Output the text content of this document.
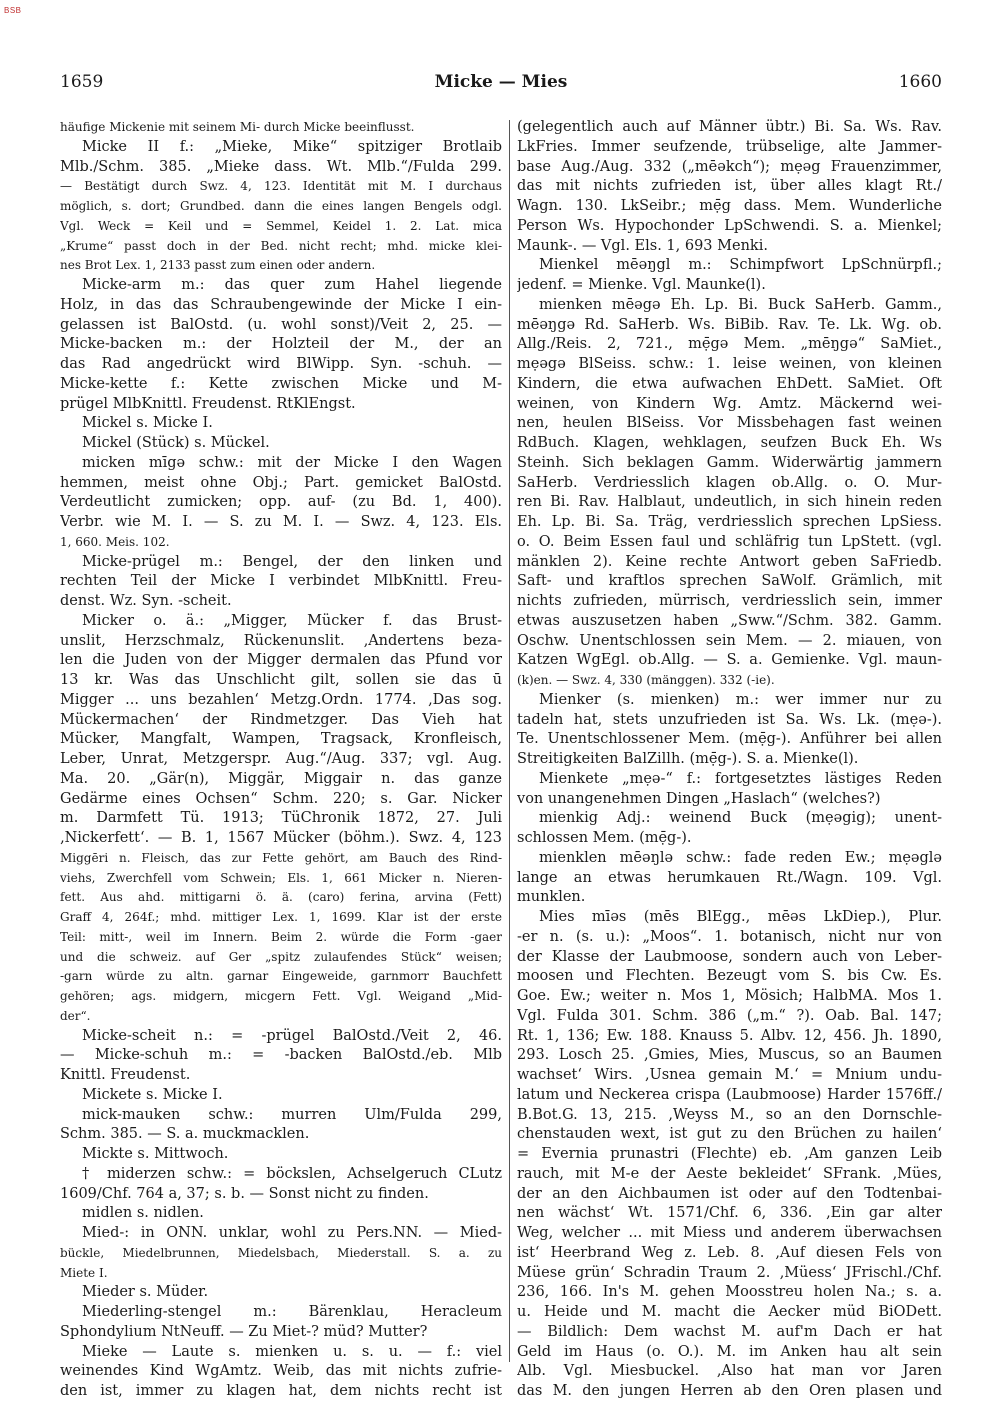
BSB
1659	Micke — Mies	1660
häufige Mickenie mit seinem Mi- durch Micke beeinflusst.
Micke II f.: „Mieke, Mike“ spitziger Brotlaib
Mlb./Schm. 385. „Mieke dass. Wt. Mlb.“/Fulda 299.
— Bestätigt durch Swz. 4, 123. Identität mit M. I durchaus
möglich, s. dort; Grundbed. dann die eines langen Bengels odgl.
Vgl. Weck = Keil und = Semmel, Keidel 1. 2. Lat. mica
„Krume“ passt doch in der Bed. nicht recht; mhd. micke klei-
nes Brot Lex. 1, 2133 passt zum einen oder andern.
Micke-arm m.: das quer zum Hahel liegende
Holz, in das das Schraubengewinde der Micke I ein-
gelassen ist BalOstd. (u. wohl sonst)/Veit 2, 25. —
Micke-backen m.: der Holzteil der M., der an
das Rad angedrückt wird BlWipp. Syn. -schuh. —
Micke-kette f.: Kette zwischen Micke und M-
prügel MlbKnittl. Freudenst. RtKlEngst.
Mickel s. Micke I.
Mickel (Stück) s. Mückel.
micken mīgə schw.: mit der Micke I den Wagen
hemmen, meist ohne Obj.; Part. gemicket BalOstd.
Verdeutlicht zumicken; opp. auf- (zu Bd. 1, 400).
Verbr. wie M. I. — S. zu M. I. — Swz. 4, 123. Els.
1, 660. Meis. 102.
Micke-prügel m.: Bengel, der den linken und
rechten Teil der Micke I verbindet MlbKnittl. Freu-
denst. Wz. Syn. -scheit.
Micker o. ä.: „Migger, Mücker f. das Brust-
unslit, Herzschmalz, Rückenunslit. ‚Andertens beza-
len die Juden von der Migger dermalen das Pfund vor
13 kr. Was das Unschlicht gilt, sollen sie das ū
Migger ... uns bezahlen‘ Metzg.Ordn. 1774. ‚Das sog.
Mückermachen‘ der Rindmetzger. Das Vieh hat
Mücker, Mangfalt, Wampen, Tragsack, Kronfleisch,
Leber, Unrat, Metzgerspr. Aug.“/Aug. 337; vgl. Aug.
Ma. 20. „Gär(n), Miggär, Miggair n. das ganze
Gedärme eines Ochsen“ Schm. 220; s. Gar. Nicker
m. Darmfett Tü. 1913; TüChronik 1872, 27. Juli
‚Nickerfett‘. — B. 1, 1567 Mücker (böhm.). Swz. 4, 123
Miggēri n. Fleisch, das zur Fette gehört, am Bauch des Rind-
viehs, Zwerchfell vom Schwein; Els. 1, 661 Micker n. Nieren-
fett. Aus ahd. mittigarni ö. ä. (caro) ferina, arvina (Fett)
Graff 4, 264f.; mhd. mittiger Lex. 1, 1699. Klar ist der erste
Teil: mitt-, weil im Innern. Beim 2. würde die Form -gaer
und die schweiz. auf Ger „spitz zulaufendes Stück“ weisen;
-garn würde zu altn. garnar Eingeweide, garnmorr Bauchfett
gehören; ags. midgern, micgern Fett. Vgl. Weigand „Mid-
der“.
Micke-scheit n.: = -prügel BalOstd./Veit 2, 46.
— Micke-schuh m.: = -backen BalOstd./eb. Mlb
Knittl. Freudenst.
Mickete s. Micke I.
mick-mauken schw.: murren Ulm/Fulda 299,
Schm. 385. — S. a. muckmacklen.
Mickte s. Mittwoch.
† miderzen schw.: = böckslen, Achselgeruch CLutz
1609/Chf. 764 a, 37; s. b. — Sonst nicht zu finden.
midlen s. nidlen.
Mied-: in ONN. unklar, wohl zu Pers.NN. — Mied-
bückle, Miedelbrunnen, Miedelsbach, Miederstall. S. a. zu
Miete I.
Mieder s. Müder.
Miederling-stengel m.: Bärenklau, Heracleum
Sphondylium NtNeuff. — Zu Miet-? müd? Mutter?
Mieke — Laute s. mienken u. s. u. — f.: viel
weinendes Kind WgAmtz. Weib, das mit nichts zufrie-
den ist, immer zu klagen hat, dem nichts recht ist
(gelegentlich auch auf Männer übtr.) Bi. Sa. Ws. Rav.
LkFries. Immer seufzende, trübselige, alte Jammer-
base Aug./Aug. 332 („mēəkch“); mẹəg Frauenzimmer,
das mit nichts zufrieden ist, über alles klagt Rt./
Wagn. 130. LkSeibr.; mẹ̄g dass. Mem. Wunderliche
Person Ws. Hypochonder LpSchwendi. S. a. Mienkel;
Maunk-. — Vgl. Els. 1, 693 Menki.
Mienkel mēəŋgl m.: Schimpfwort LpSchnürpfl.;
jedenf. = Mienke. Vgl. Maunke(l).
mienken mēəgə Eh. Lp. Bi. Buck SaHerb. Gamm.,
mēəŋgə Rd. SaHerb. Ws. BiBib. Rav. Te. Lk. Wg. ob.
Allg./Reis. 2, 721., mẹ̄gə Mem. „mēŋgə“ SaMiet.,
mẹəgə BlSeiss. schw.: 1. leise weinen, von kleinen
Kindern, die etwa aufwachen EhDett. SaMiet. Oft
weinen, von Kindern Wg. Amtz. Mäckernd wei-
nen, heulen BlSeiss. Vor Missbehagen fast weinen
RdBuch. Klagen, wehklagen, seufzen Buck Eh. Ws
Steinh. Sich beklagen Gamm. Widerwärtig jammern
SaHerb. Verdriesslich klagen ob.Allg. o. O. Mur-
ren Bi. Rav. Halblaut, undeutlich, in sich hinein reden
Eh. Lp. Bi. Sa. Träg, verdriesslich sprechen LpSiess.
o. O. Beim Essen faul und schläfrig tun LpStett. (vgl.
mänklen 2). Keine rechte Antwort geben SaFriedb.
Saft- und kraftlos sprechen SaWolf. Grämlich, mit
nichts zufrieden, mürrisch, verdriesslich sein, immer
etwas auszusetzen haben „Sww.“/Schm. 382. Gamm.
Oschw. Unentschlossen sein Mem. — 2. miauen, von
Katzen WgEgl. ob.Allg. — S. a. Gemienke. Vgl. maun-
(k)en. — Swz. 4, 330 (mänggen). 332 (-ie).
Mienker (s. mienken) m.: wer immer nur zu
tadeln hat, stets unzufrieden ist Sa. Ws. Lk. (mẹə-).
Te. Unentschlossener Mem. (mẹ̄g-). Anführer bei allen
Streitigkeiten BalZillh. (mẹ̄g-). S. a. Mienke(l).
Mienkete „mẹə-“ f.: fortgesetztes lästiges Reden
von unangenehmen Dingen „Haslach“ (welches?)
mienkig Adj.: weinend Buck (mẹəgig); unent-
schlossen Mem. (mẹ̄g-).
mienklen mēəŋlə schw.: fade reden Ew.; mẹəglə
lange an etwas herumkauen Rt./Wagn. 109. Vgl.
munklen.
Mies mīəs (mēs BlEgg., mēəs LkDiep.), Plur.
-er n. (s. u.): „Moos“. 1. botanisch, nicht nur von
der Klasse der Laubmoose, sondern auch von Leber-
moosen und Flechten. Bezeugt vom S. bis Cw. Es.
Goe. Ew.; weiter n. Mos 1, Mösich; HalbMA. Mos 1.
Vgl. Fulda 301. Schm. 386 („m.“ ?). Oab. Bal. 147;
Rt. 1, 136; Ew. 188. Knauss 5. Albv. 12, 456. Jh. 1890,
293. Losch 25. ‚Gmies, Mies, Muscus, so an Baumen
wachset‘ Wirs. ‚Usnea gemain M.‘ = Mnium undu-
latum und Neckerea crispa (Laubmoose) Harder 1576ff./
B.Bot.G. 13, 215. ‚Weyss M., so an den Dornschle-
chenstauden wext, ist gut zu den Brüchen zu hailen‘
= Evernia prunastri (Flechte) eb. ‚Am ganzen Leib
rauch, mit M-e der Aeste bekleidet‘ SFrank. ‚Mües,
der an den Aichbaumen ist oder auf den Todtenbai-
nen wächst‘ Wt. 1571/Chf. 6, 336. ‚Ein gar alter
Weg, welcher ... mit Miess und anderem überwachsen
ist‘ Heerbrand Weg z. Leb. 8. ‚Auf diesen Fels von
Müese grün‘ Schradin Traum 2. ‚Müess‘ JFrischl./Chf.
236, 166. In's M. gehen Moosstreu holen Na.; s. a.
u. Heide und M. macht die Aecker müd BiODett.
— Bildlich: Dem wachst M. auf'm Dach er hat
Geld im Haus (o. O.). M. im Anken hau alt sein
Alb. Vgl. Miesbuckel. ‚Also hat man vor Jaren
das M. den jungen Herren ab den Oren plasen und
